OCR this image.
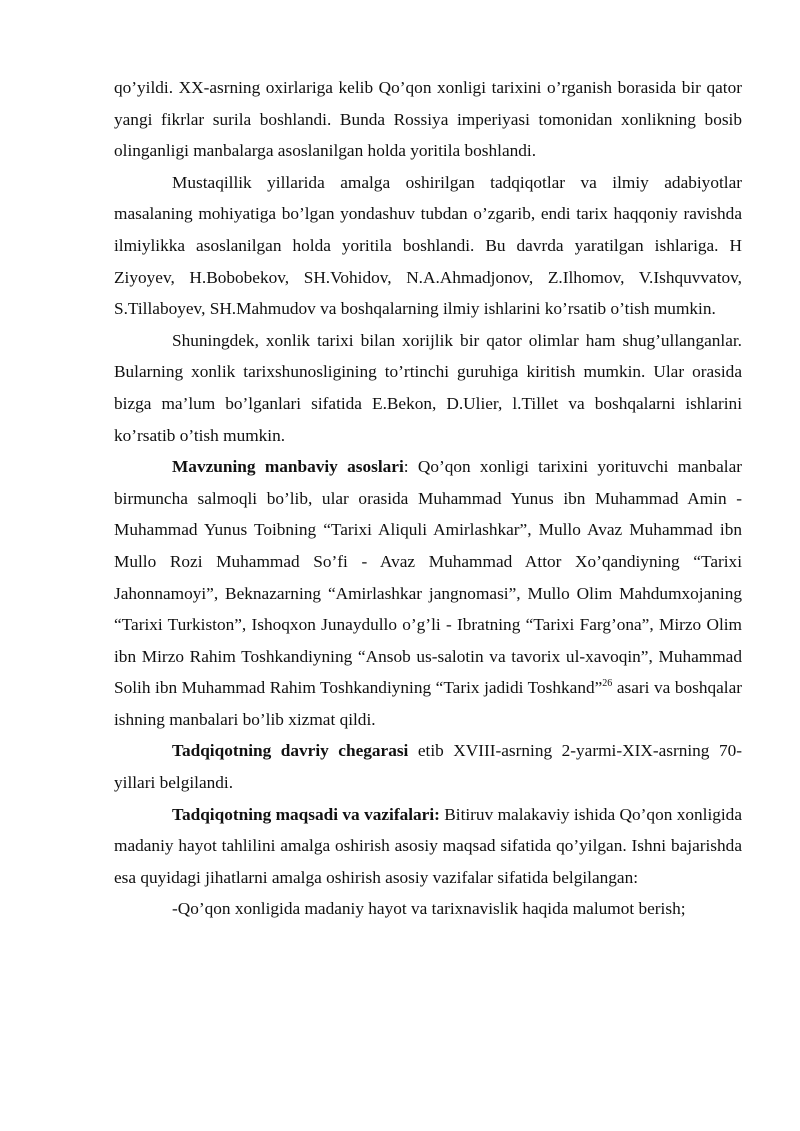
qo’yildi. XX-asrning oxirlariga kelib Qo’qon xonligi tarixini o’rganish borasida bir qator yangi fikrlar surila boshlandi. Bunda Rossiya imperiyasi tomonidan xonlikning bosib olinganligi manbalarga asoslanilgan holda yoritila boshlandi.

Mustaqillik yillarida amalga oshirilgan tadqiqotlar va ilmiy adabiyotlar masalaning mohiyatiga bo’lgan yondashuv tubdan o’zgarib, endi tarix haqqoniy ravishda ilmiylikka asoslanilgan holda yoritila boshlandi. Bu davrda yaratilgan ishlariga. H Ziyoyev, H.Bobobekov, SH.Vohidov, N.A.Ahmadjonov, Z.Ilhomov, V.Ishquvvatov, S.Tillaboyev, SH.Mahmudov va boshqalarning ilmiy ishlarini ko’rsatib o’tish mumkin.

Shuningdek, xonlik tarixi bilan xorijlik bir qator olimlar ham shug’ullanganlar. Bularning xonlik tarixshunosligining to’rtinchi guruhiga kiritish mumkin. Ular orasida bizga ma’lum bo’lganlari sifatida E.Bekon, D.Ulier, l.Tillet va boshqalarni ishlarini ko’rsatib o’tish mumkin.

Mavzuning manbaviy asoslari: Qo’qon xonligi tarixini yorituvchi manbalar birmuncha salmoqli bo’lib, ular orasida Muhammad Yunus ibn Muhammad Amin - Muhammad Yunus Toibning “Tarixi Aliquli Amirlashkar”, Mullo Avaz Muhammad ibn Mullo Rozi Muhammad So’fi - Avaz Muhammad Attor Xo’qandiyning “Tarixi Jahonnamoyi”, Beknazarning “Amirlashkar jangnomasi”, Mullo Olim Mahdumxojaning “Tarixi Turkiston”, Ishoqxon Junaydullo o’g’li - Ibratning “Tarixi Farg’ona”, Mirzo Olim ibn Mirzo Rahim Toshkandiyning “Ansob us-salotin va tavorix ul-xavoqin”, Muhammad Solih ibn Muhammad Rahim Toshkandiyning “Tarix jadidi Toshkand”$^{26}$ asari va boshqalar ishning manbalari bo’lib xizmat qildi.

Tadqiqotning davriy chegarasi etib XVIII-asrning 2-yarmi-XIX-asrning 70-yillari belgilandi.

Tadqiqotning maqsadi va vazifalari: Bitiruv malakaviy ishida Qo’qon xonligida madaniy hayot tahlilini amalga oshirish asosiy maqsad sifatida qo’yilgan. Ishni bajarishda esa quyidagi jihatlarni amalga oshirish asosiy vazifalar sifatida belgilangan:

-Qo’qon xonligida madaniy hayot va tarixnavislik haqida malumot berish;
